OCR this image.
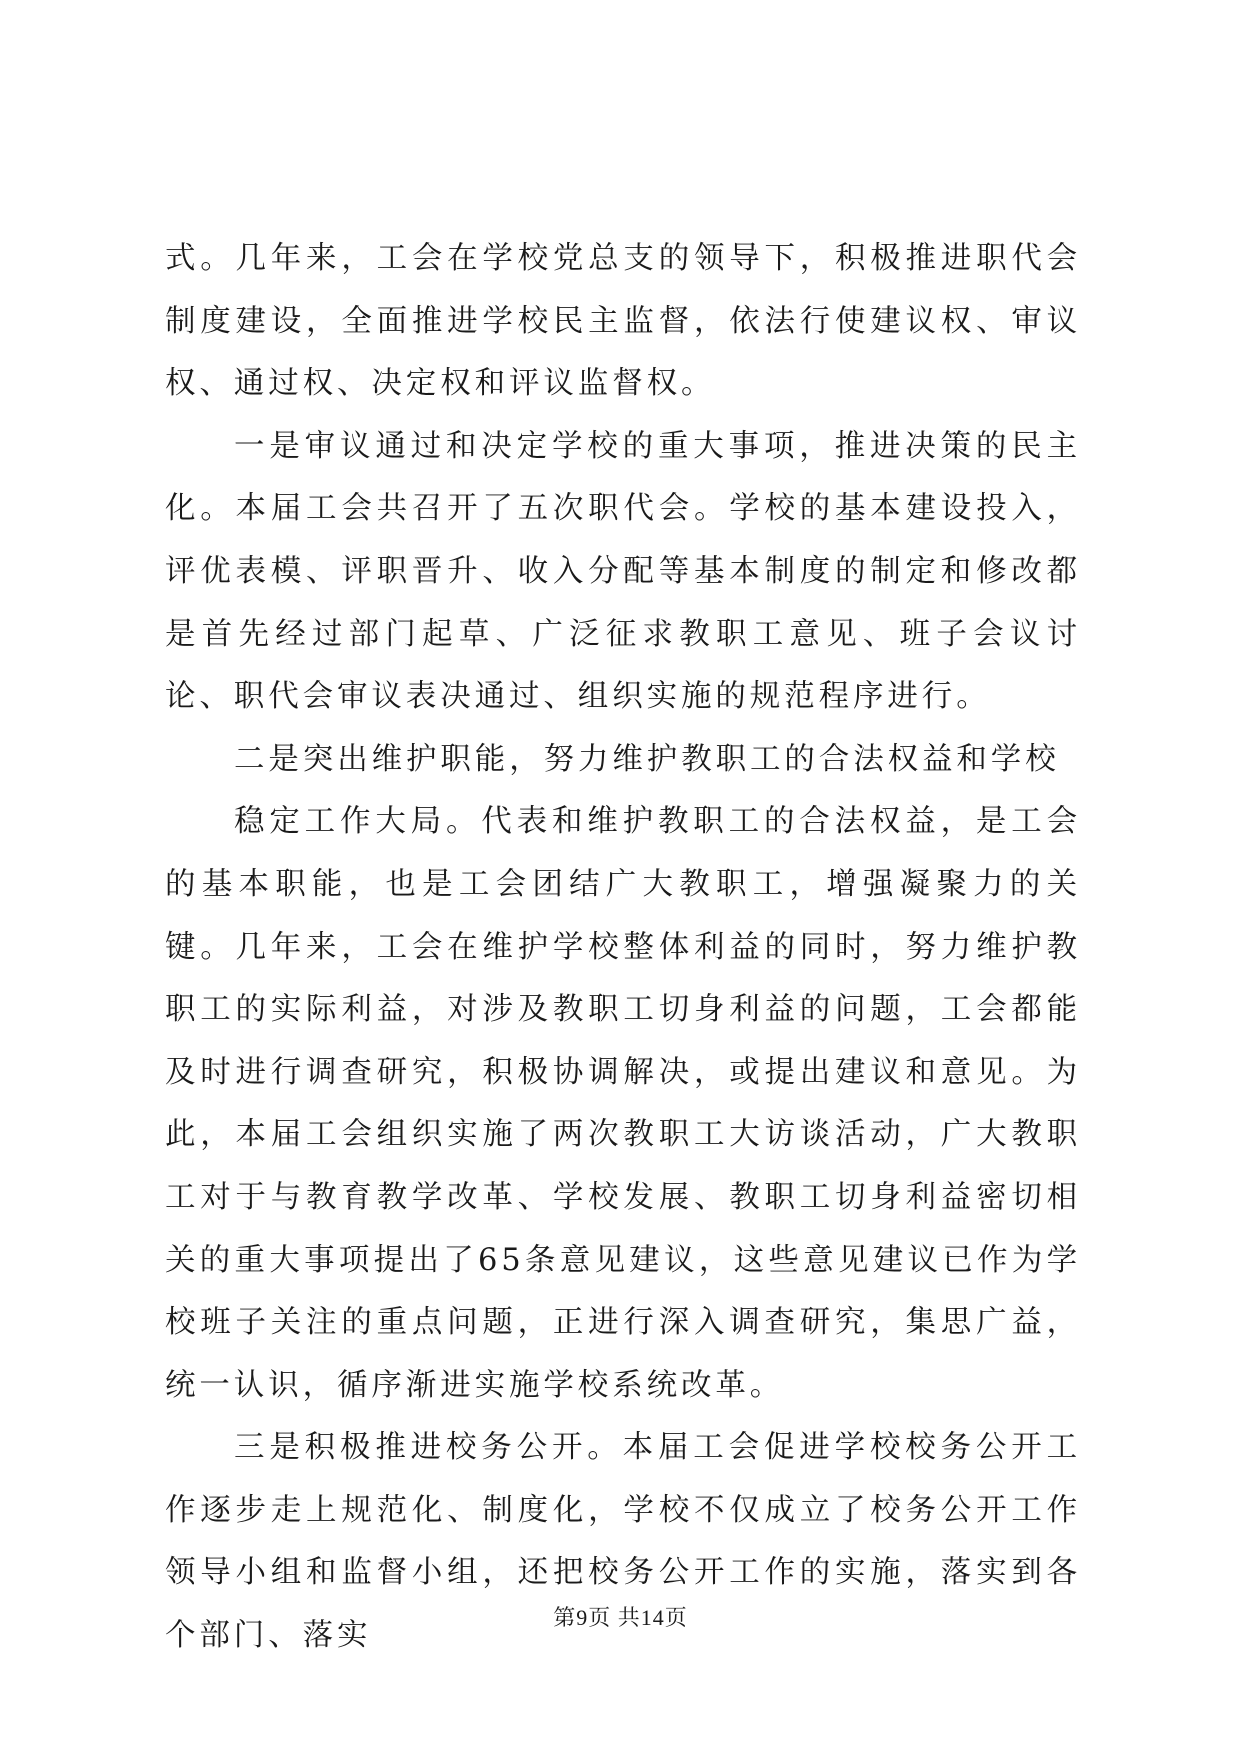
式。几年来，工会在学校党总支的领导下，积极推进职代会制度建设，全面推进学校民主监督，依法行使建议权、审议权、通过权、决定权和评议监督权。

一是审议通过和决定学校的重大事项，推进决策的民主化。本届工会共召开了五次职代会。学校的基本建设投入，评优表模、评职晋升、收入分配等基本制度的制定和修改都是首先经过部门起草、广泛征求教职工意见、班子会议讨论、职代会审议表决通过、组织实施的规范程序进行。

二是突出维护职能，努力维护教职工的合法权益和学校

稳定工作大局。代表和维护教职工的合法权益，是工会的基本职能，也是工会团结广大教职工，增强凝聚力的关键。几年来，工会在维护学校整体利益的同时，努力维护教职工的实际利益，对涉及教职工切身利益的问题，工会都能及时进行调查研究，积极协调解决，或提出建议和意见。为此，本届工会组织实施了两次教职工大访谈活动，广大教职工对于与教育教学改革、学校发展、教职工切身利益密切相关的重大事项提出了65条意见建议，这些意见建议已作为学校班子关注的重点问题，正进行深入调查研究，集思广益，统一认识，循序渐进实施学校系统改革。

三是积极推进校务公开。本届工会促进学校校务公开工作逐步走上规范化、制度化，学校不仅成立了校务公开工作领导小组和监督小组，还把校务公开工作的实施，落实到各个部门、落实

第9页 共14页
